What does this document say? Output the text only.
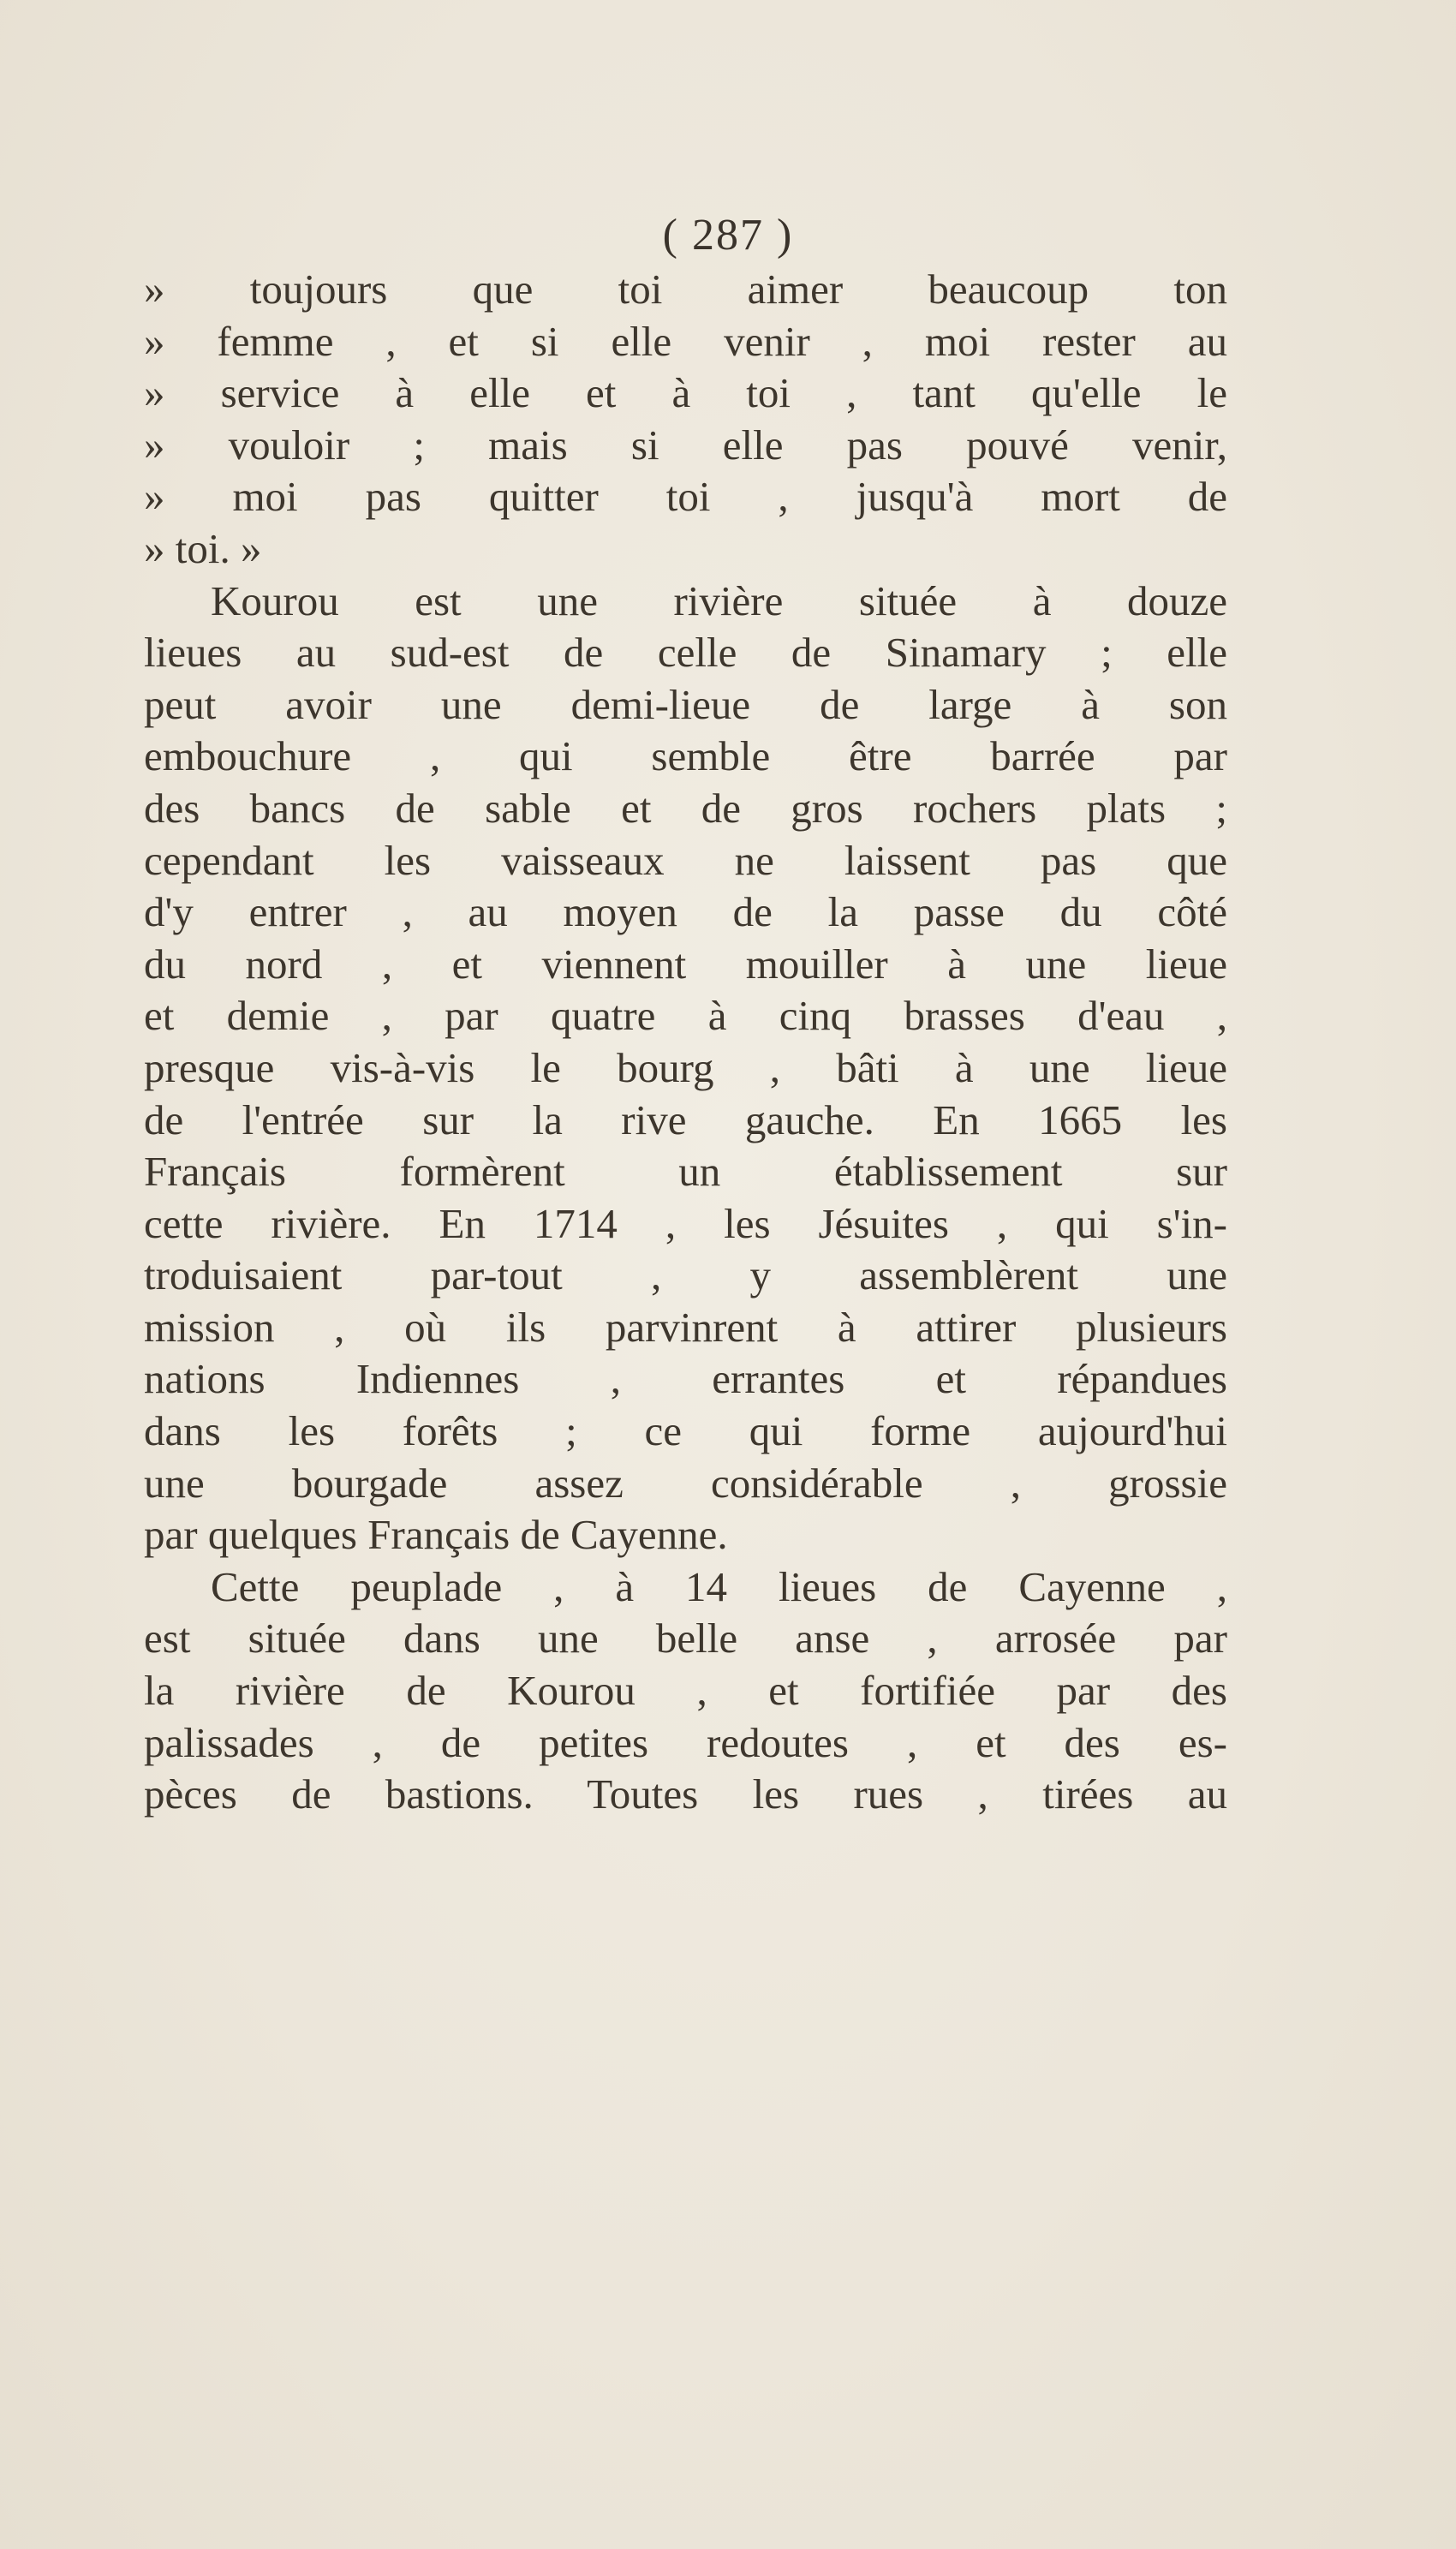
( 287 )
» toujours que toi aimer beaucoup ton
» femme , et si elle venir , moi rester au
» service à elle et à toi , tant qu'elle le
» vouloir ; mais si elle pas pouvé venir,
» moi pas quitter toi , jusqu'à mort de
» toi. »
Kourou est une rivière située à douze
lieues au sud-est de celle de Sinamary ; elle
peut avoir une demi-lieue de large à son
embouchure , qui semble être barrée par
des bancs de sable et de gros rochers plats ;
cependant les vaisseaux ne laissent pas que
d'y entrer , au moyen de la passe du côté
du nord , et viennent mouiller à une lieue
et demie , par quatre à cinq brasses d'eau ,
presque vis-à-vis le bourg , bâti à une lieue
de l'entrée sur la rive gauche. En 1665 les
Français formèrent un établissement sur
cette rivière. En 1714 , les Jésuites , qui s'in-
troduisaient par-tout , y assemblèrent une
mission , où ils parvinrent à attirer plusieurs
nations Indiennes , errantes et répandues
dans les forêts ; ce qui forme aujourd'hui
une bourgade assez considérable , grossie
par quelques Français de Cayenne.
Cette peuplade , à 14 lieues de Cayenne ,
est située dans une belle anse , arrosée par
la rivière de Kourou , et fortifiée par des
palissades , de petites redoutes , et des es-
pèces de bastions. Toutes les rues , tirées au
